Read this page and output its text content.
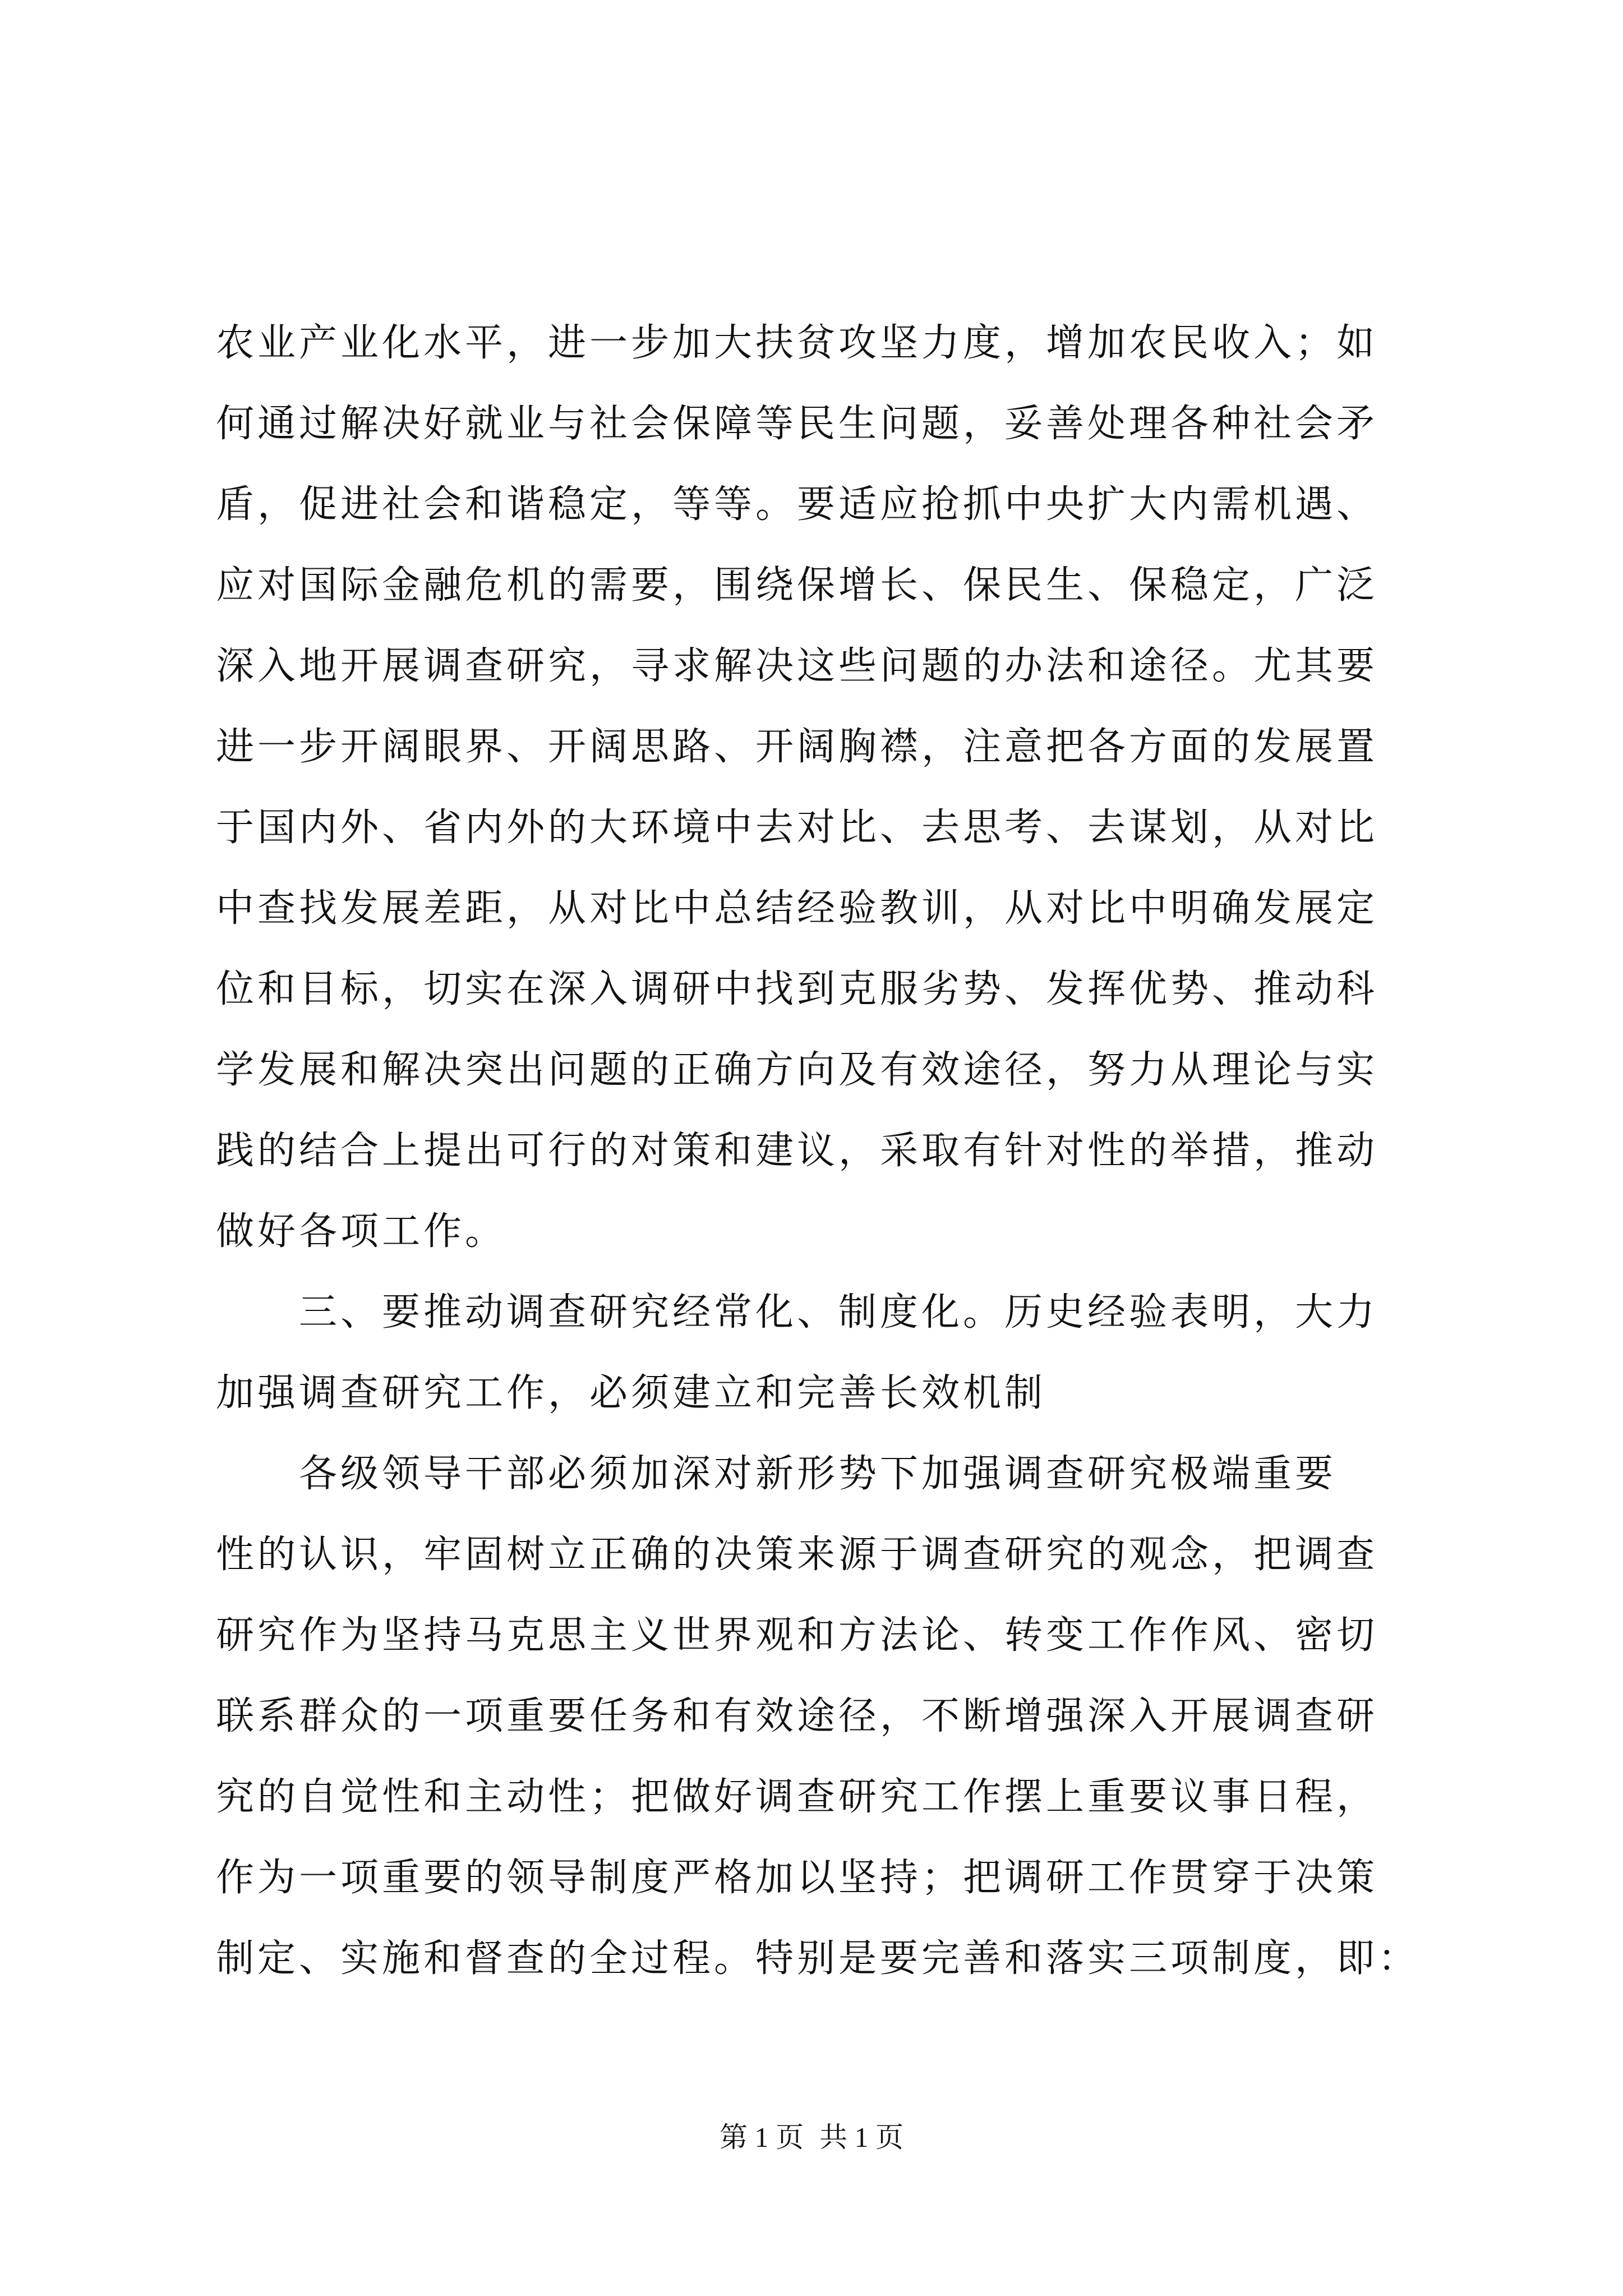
农业产业化水平，进一步加大扶贫攻坚力度，增加农民收入；如
何通过解决好就业与社会保障等民生问题，妥善处理各种社会矛
盾，促进社会和谐稳定，等等。要适应抢抓中央扩大内需机遇、
应对国际金融危机的需要，围绕保增长、保民生、保稳定，广泛
深入地开展调查研究，寻求解决这些问题的办法和途径。尤其要
进一步开阔眼界、开阔思路、开阔胸襟，注意把各方面的发展置
于国内外、省内外的大环境中去对比、去思考、去谋划，从对比
中查找发展差距，从对比中总结经验教训，从对比中明确发展定
位和目标，切实在深入调研中找到克服劣势、发挥优势、推动科
学发展和解决突出问题的正确方向及有效途径，努力从理论与实
践的结合上提出可行的对策和建议，采取有针对性的举措，推动
做好各项工作。
三、要推动调查研究经常化、制度化。历史经验表明，大力
加强调查研究工作，必须建立和完善长效机制
各级领导干部必须加深对新形势下加强调查研究极端重要
性的认识，牢固树立正确的决策来源于调查研究的观念，把调查
研究作为坚持马克思主义世界观和方法论、转变工作作风、密切
联系群众的一项重要任务和有效途径，不断增强深入开展调查研
究的自觉性和主动性；把做好调查研究工作摆上重要议事日程，
作为一项重要的领导制度严格加以坚持；把调研工作贯穿于决策
制定、实施和督查的全过程。特别是要完善和落实三项制度，即：
第 1 页 共 1 页
